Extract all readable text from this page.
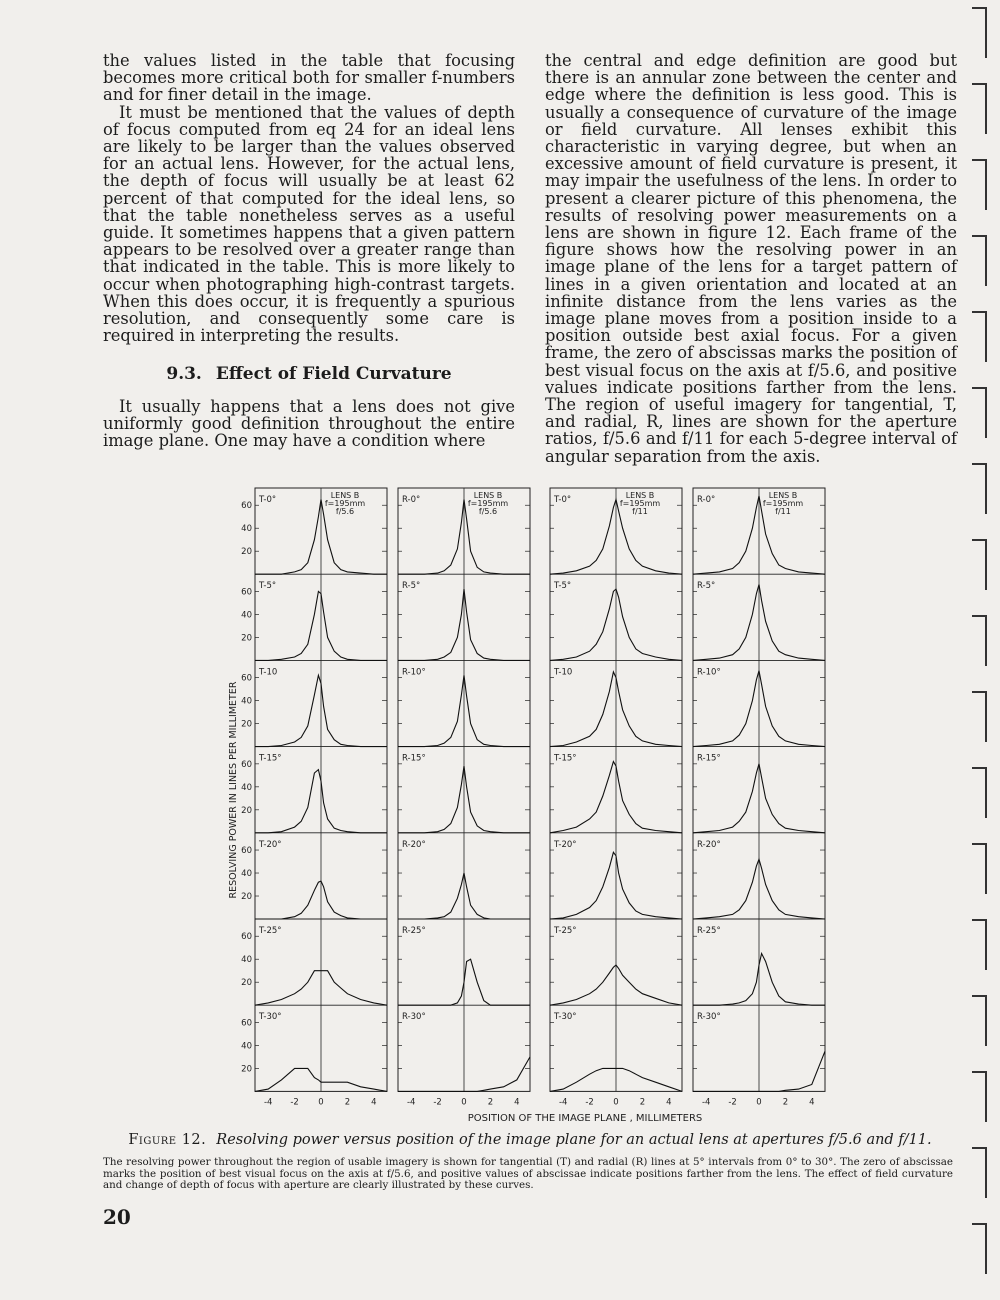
the values listed in the table that focusing becomes more critical both for smaller f-numbers and for finer detail in the image.

It must be mentioned that the values of depth of focus computed from eq 24 for an ideal lens are likely to be larger than the values observed for an actual lens. However, for the actual lens, the depth of focus will usually be at least 62 percent of that computed for the ideal lens, so that the table nonetheless serves as a useful guide. It sometimes happens that a given pattern appears to be resolved over a greater range than that indicated in the table. This is more likely to occur when photographing high-contrast targets. When this does occur, it is frequently a spurious resolution, and consequently some care is required in interpreting the results.

9.3. Effect of Field Curvature

It usually happens that a lens does not give uniformly good definition throughout the entire image plane. One may have a condition where

the central and edge definition are good but there is an annular zone between the center and edge where the definition is less good. This is usually a consequence of curvature of the image or field curvature. All lenses exhibit this characteristic in varying degree, but when an excessive amount of field curvature is present, it may impair the usefulness of the lens. In order to present a clearer picture of this phenomena, the results of resolving power measurements on a lens are shown in figure 12. Each frame of the figure shows how the resolving power in an image plane of the lens for a target pattern of lines in a given orientation and located at an infinite distance from the lens varies as the image plane moves from a position inside to a position outside best axial focus. For a given frame, the zero of abscissas marks the position of best visual focus on the axis at f/5.6, and positive values indicate positions farther from the lens. The region of useful imagery for tangential, T, and radial, R, lines are shown for the aperture ratios, f/5.6 and f/11 for each 5-degree interval of angular separation from the axis.

LENS B
f=195mm
f/5.6
T-0°
T-5°
T-10
T-15°
T-20°
T-25°
T-30°
-4 -2 0 2 4
LENS B
f=195mm
f/5.6
R-0°
R-5°
R-10°
R-15°
R-20°
R-25°
R-30°
-4 -2 0 2 4
LENS B
f=195mm
f/11
T-0°
T-5°
T-10
T-15°
T-20°
T-25°
T-30°
-4 -2 0 2 4
LENS B
f=195mm
f/11
R-0°
R-5°
R-10°
R-15°
R-20°
R-25°
R-30°
-4 -2 0 2 4
20
40
60
20
40
60
20
40
60
20
40
60
20
40
60
20
40
60
20
40
60
RESOLVING POWER IN LINES PER MILLIMETER
POSITION OF THE IMAGE PLANE , MILLIMETERS
Figure 12. Resolving power versus position of the image plane for an actual lens at apertures f/5.6 and f/11.
The resolving power throughout the region of usable imagery is shown for tangential (T) and radial (R) lines at 5° intervals from 0° to 30°. The zero of abscissae marks the position of best visual focus on the axis at f/5.6, and positive values of abscissae indicate positions farther from the lens. The effect of field curvature and change of depth of focus with aperture are clearly illustrated by these curves.
20
